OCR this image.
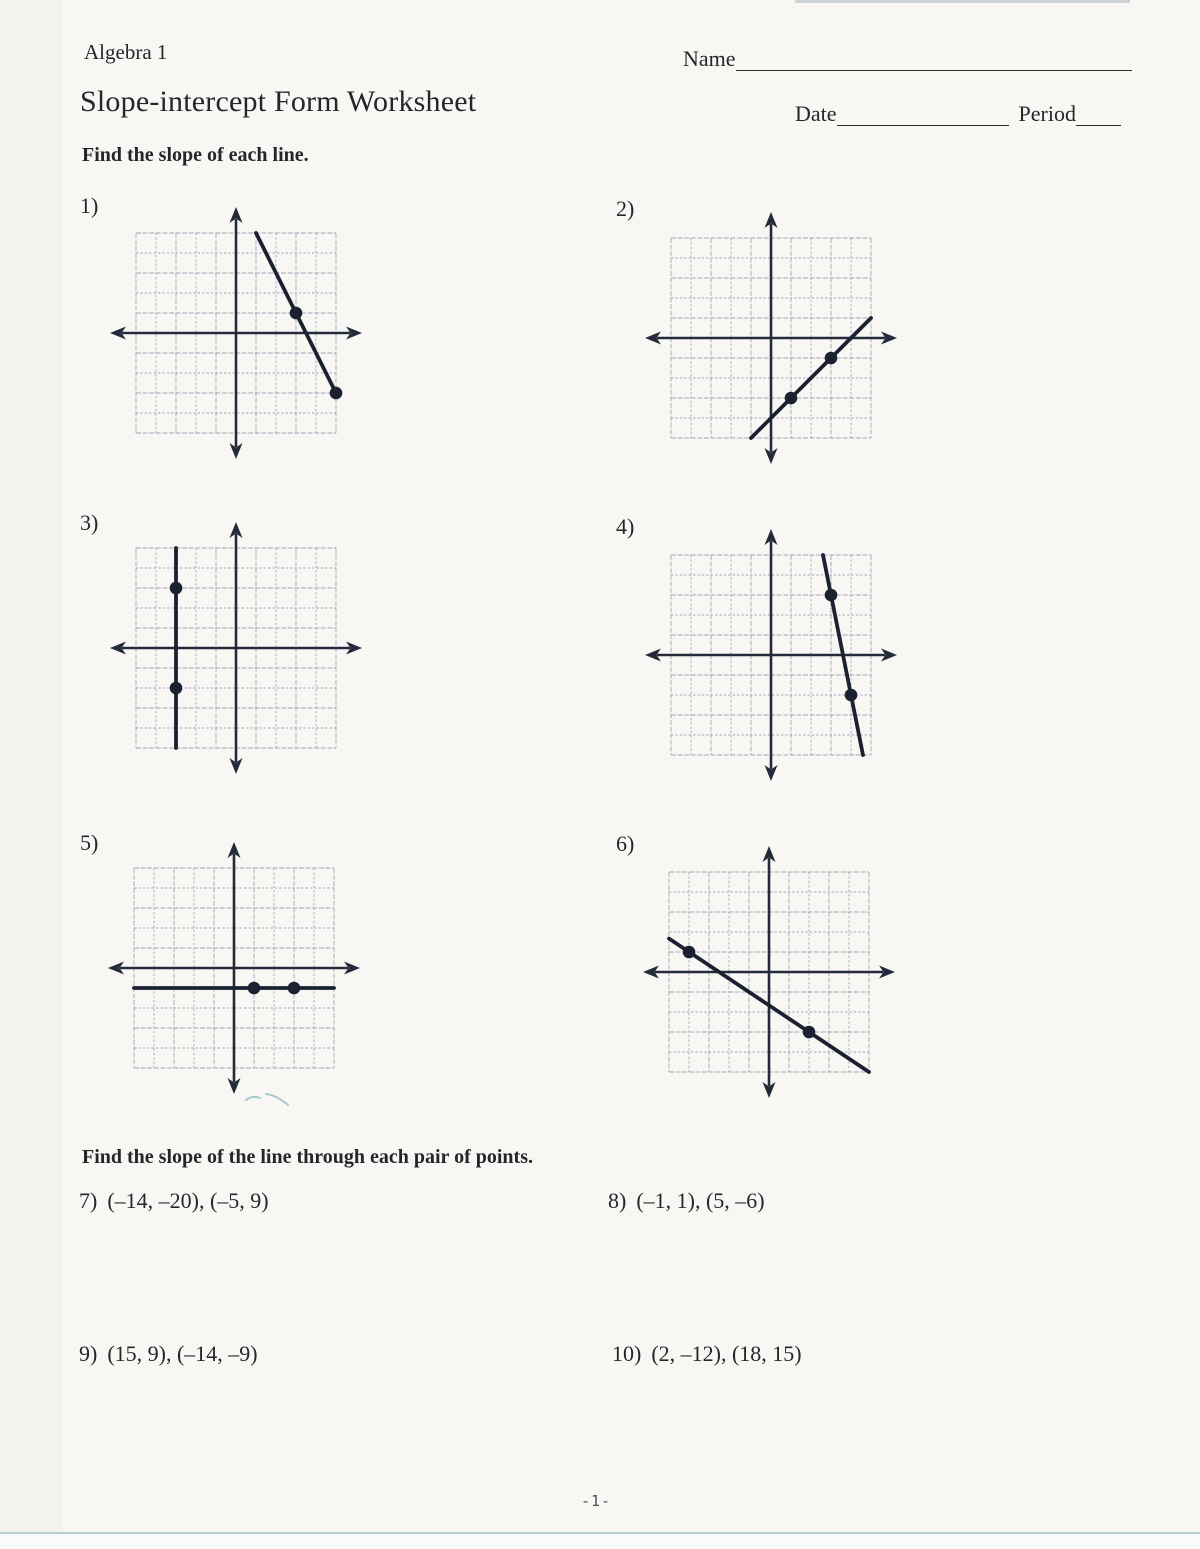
Algebra 1	Name
Slope-intercept Form Worksheet	Date	Period
Find the slope of each line.
1)	2)
3)	4)
5)	6)
Find the slope of the line through each pair of points.
7) (–14, –20), (–5, 9)	8) (–1, 1), (5, –6)
9) (15, 9), (–14, –9)	10) (2, –12), (18, 15)
-1-
